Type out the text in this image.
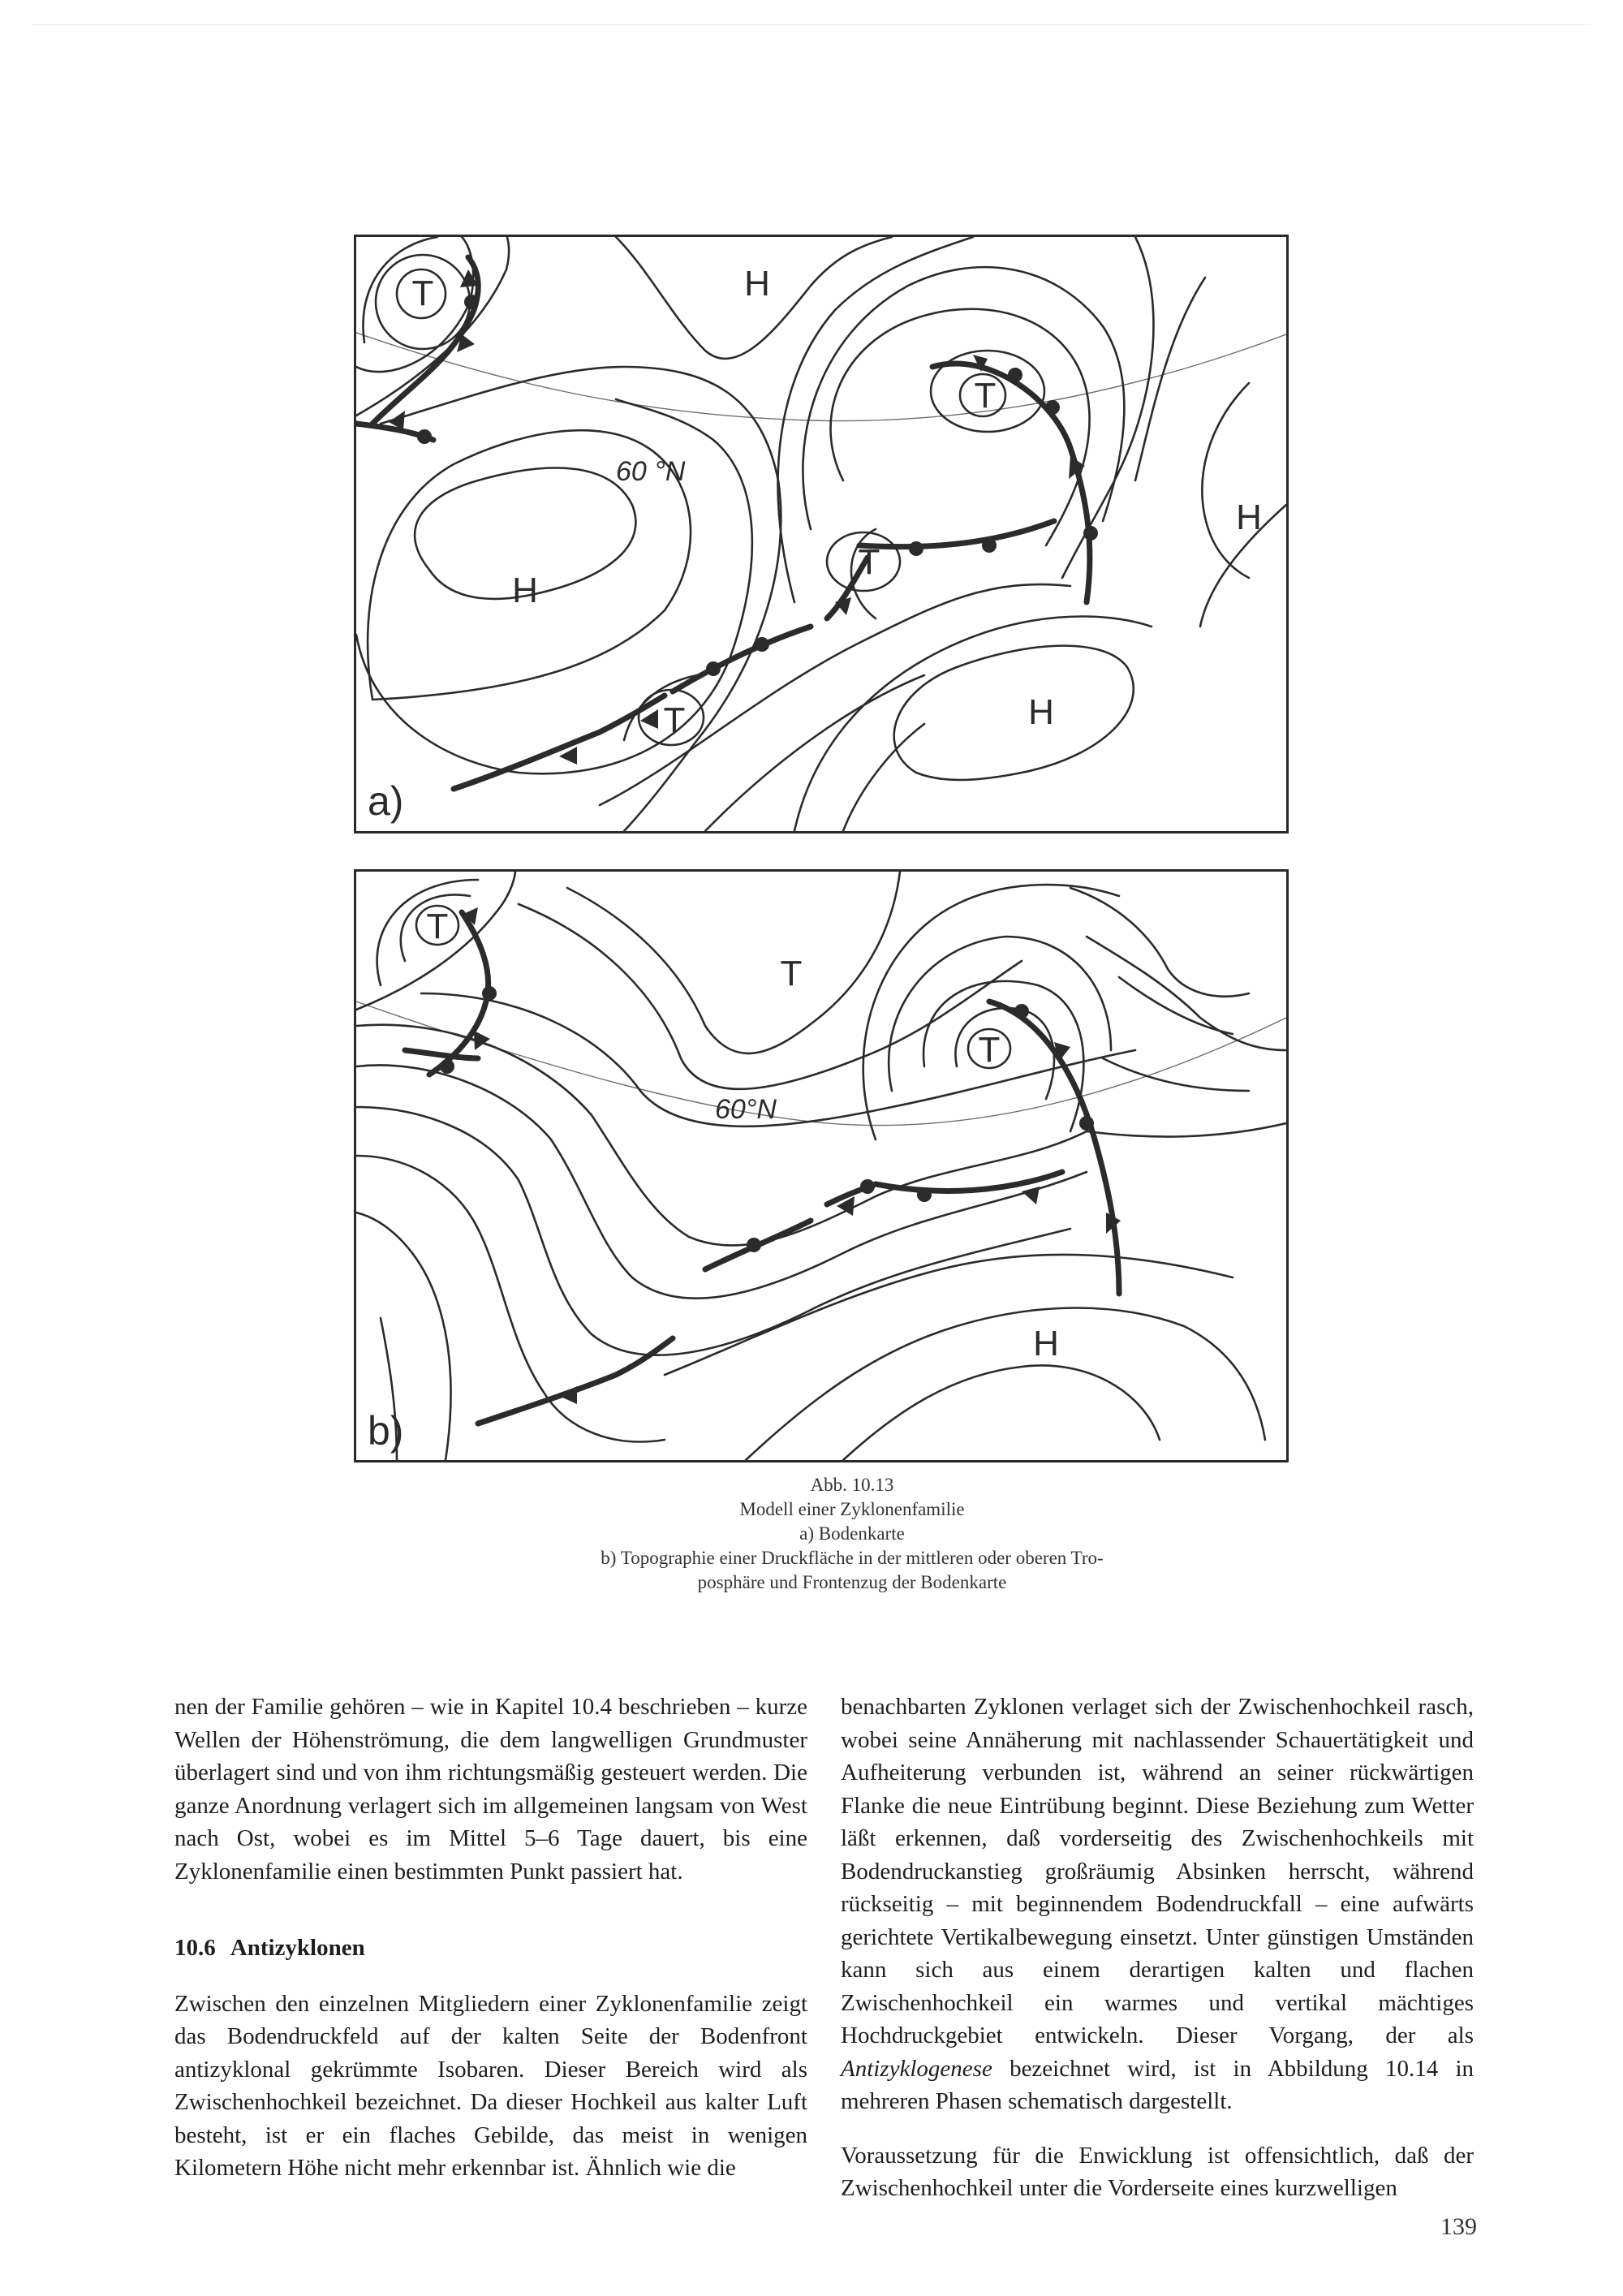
T
T
T
T
H
H
H
H
60 °N
a)
T
T
T
H
60°N
b)
Abb. 10.13
Modell einer Zyklonenfamilie
a) Bodenkarte
b) Topographie einer Druckfläche in der mittleren oder oberen Tro-
posphäre und Frontenzug der Bodenkarte

nen der Familie gehören – wie in Kapitel 10.4 beschrieben – kurze Wellen der Höhenströmung, die dem langwelligen Grundmuster überlagert sind und von ihm richtungsmäßig gesteuert werden. Die ganze Anordnung verlagert sich im allgemeinen langsam von West nach Ost, wobei es im Mittel 5–6 Tage dauert, bis eine Zyklonenfamilie einen bestimmten Punkt passiert hat.

10.6 Antizyklonen

Zwischen den einzelnen Mitgliedern einer Zyklonenfamilie zeigt das Bodendruckfeld auf der kalten Seite der Bodenfront antizyklonal gekrümmte Isobaren. Dieser Bereich wird als Zwischenhochkeil bezeichnet. Da dieser Hochkeil aus kalter Luft besteht, ist er ein flaches Gebilde, das meist in wenigen Kilometern Höhe nicht mehr erkennbar ist. Ähnlich wie die

benachbarten Zyklonen verlaget sich der Zwischenhochkeil rasch, wobei seine Annäherung mit nachlassender Schauertätigkeit und Aufheiterung verbunden ist, während an seiner rückwärtigen Flanke die neue Eintrübung beginnt. Diese Beziehung zum Wetter läßt erkennen, daß vorderseitig des Zwischenhochkeils mit Bodendruckanstieg großräumig Absinken herrscht, während rückseitig – mit beginnendem Bodendruckfall – eine aufwärts gerichtete Vertikalbewegung einsetzt. Unter günstigen Umständen kann sich aus einem derartigen kalten und flachen Zwischenhochkeil ein warmes und vertikal mächtiges Hochdruckgebiet entwickeln. Dieser Vorgang, der als Antizyklogenese bezeichnet wird, ist in Abbildung 10.14 in mehreren Phasen schematisch dargestellt.

Voraussetzung für die Enwicklung ist offensichtlich, daß der Zwischenhochkeil unter die Vorderseite eines kurzwelligen

139
